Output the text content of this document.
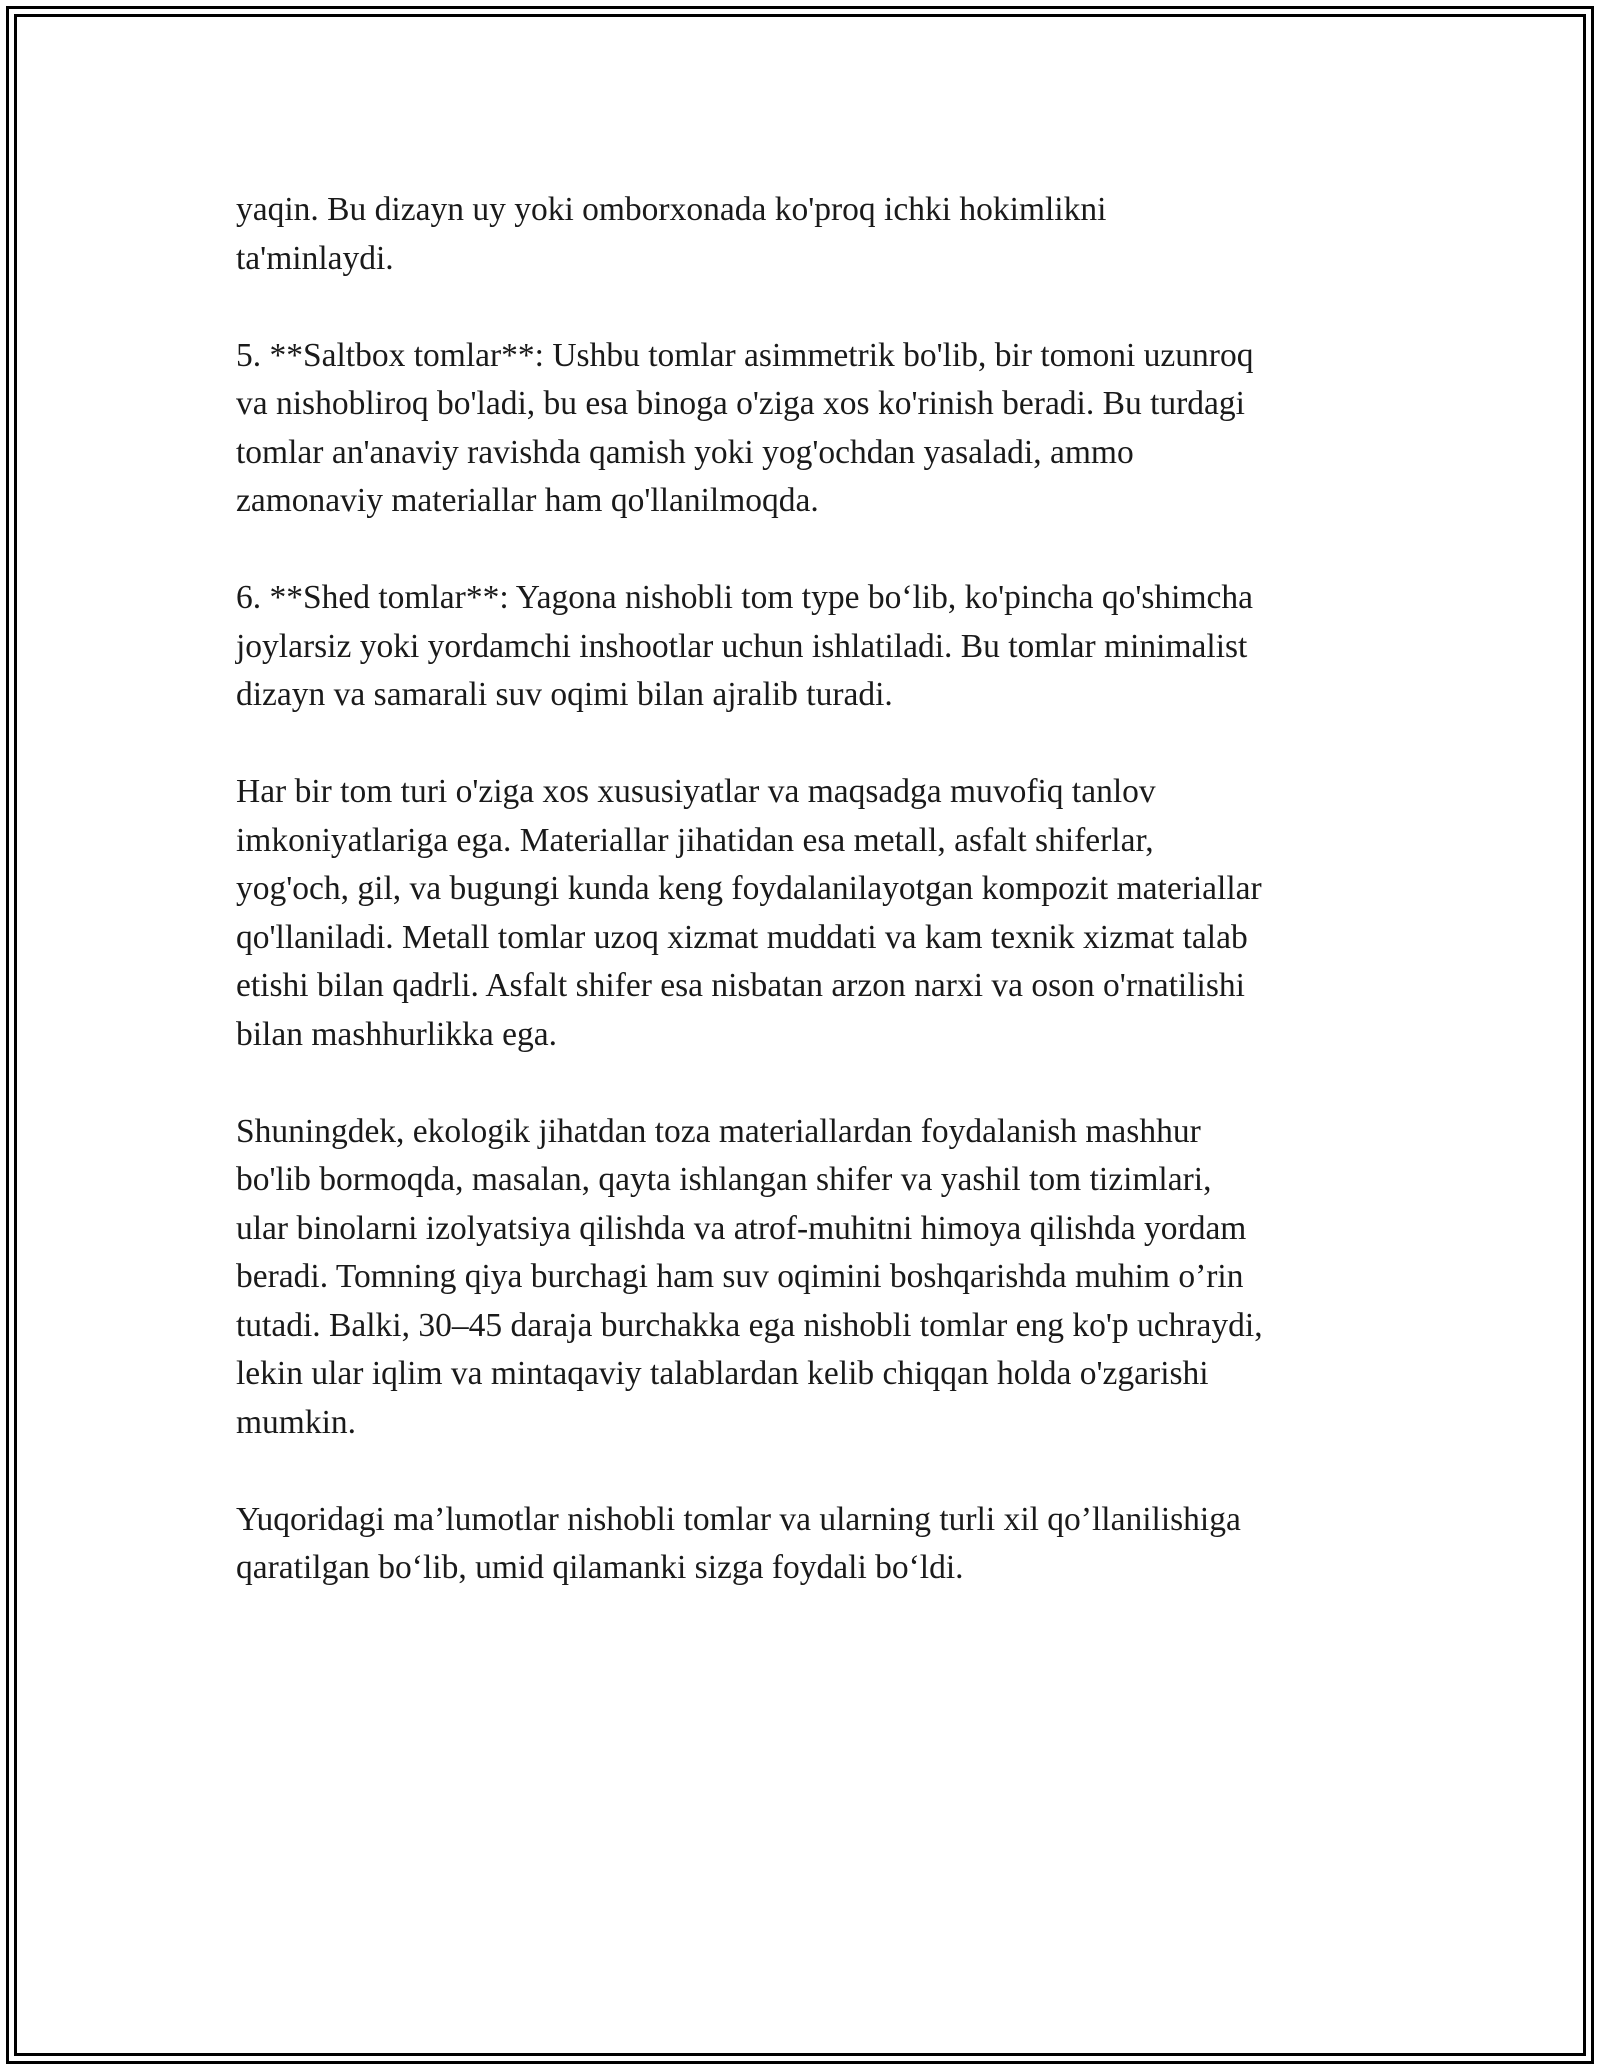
yaqin. Bu dizayn uy yoki omborxonada ko'proq ichki hokimlikni
ta'minlaydi.

5. **Saltbox tomlar**: Ushbu tomlar asimmetrik bo'lib, bir tomoni uzunroq
va nishobliroq bo'ladi, bu esa binoga o'ziga xos ko'rinish beradi. Bu turdagi
tomlar an'anaviy ravishda qamish yoki yog'ochdan yasaladi, ammo
zamonaviy materiallar ham qo'llanilmoqda.

6. **Shed tomlar**: Yagona nishobli tom type bo‘lib, ko'pincha qo'shimcha
joylarsiz yoki yordamchi inshootlar uchun ishlatiladi. Bu tomlar minimalist
dizayn va samarali suv oqimi bilan ajralib turadi.

Har bir tom turi o'ziga xos xususiyatlar va maqsadga muvofiq tanlov
imkoniyatlariga ega. Materiallar jihatidan esa metall, asfalt shiferlar,
yog'och, gil, va bugungi kunda keng foydalanilayotgan kompozit materiallar
qo'llaniladi. Metall tomlar uzoq xizmat muddati va kam texnik xizmat talab
etishi bilan qadrli. Asfalt shifer esa nisbatan arzon narxi va oson o'rnatilishi
bilan mashhurlikka ega.

Shuningdek, ekologik jihatdan toza materiallardan foydalanish mashhur
bo'lib bormoqda, masalan, qayta ishlangan shifer va yashil tom tizimlari,
ular binolarni izolyatsiya qilishda va atrof-muhitni himoya qilishda yordam
beradi. Tomning qiya burchagi ham suv oqimini boshqarishda muhim o’rin
tutadi. Balki, 30–45 daraja burchakka ega nishobli tomlar eng ko'p uchraydi,
lekin ular iqlim va mintaqaviy talablardan kelib chiqqan holda o'zgarishi
mumkin.

Yuqoridagi ma’lumotlar nishobli tomlar va ularning turli xil qo’llanilishiga
qaratilgan bo‘lib, umid qilamanki sizga foydali bo‘ldi.
